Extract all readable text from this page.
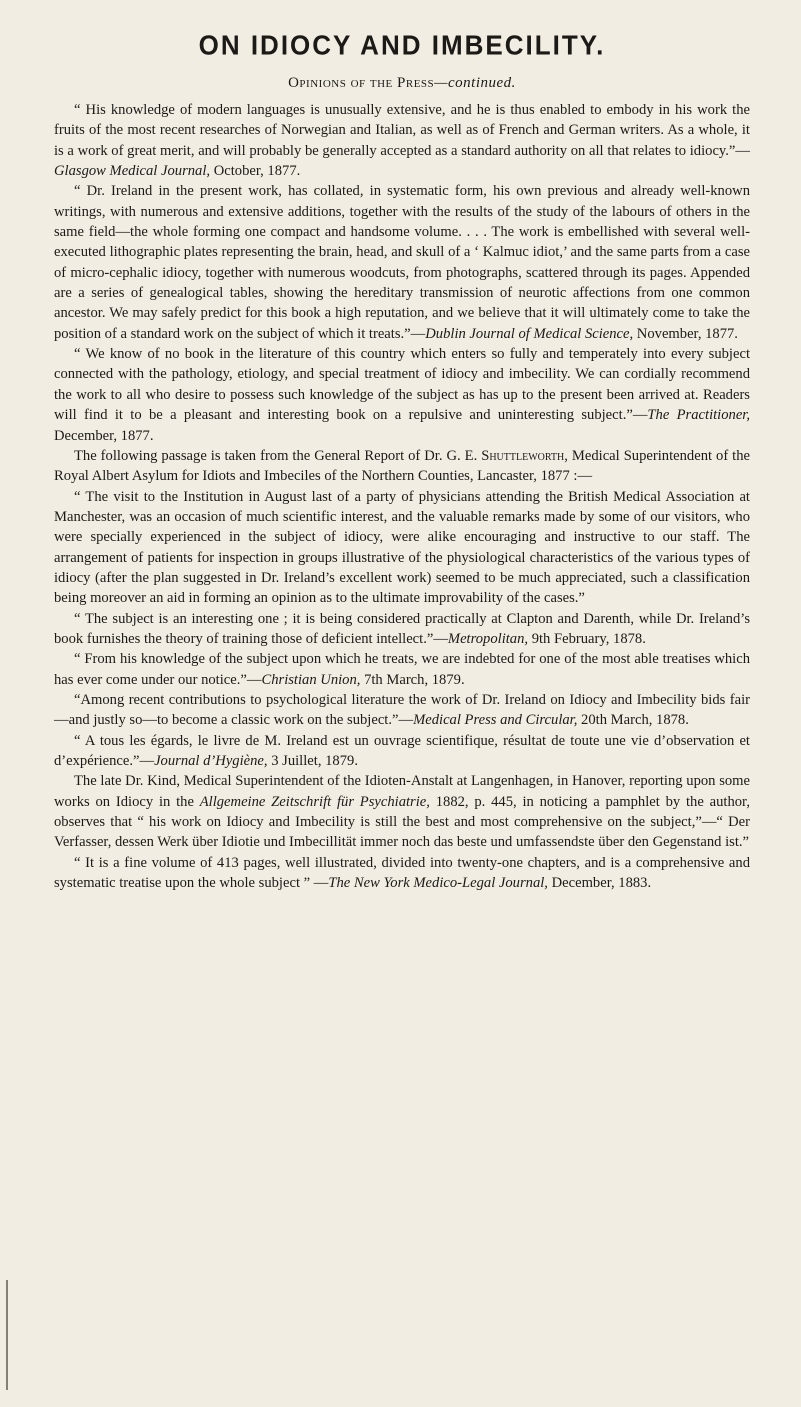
ON IDIOCY AND IMBECILITY.
Opinions of the Press—continued.

“ His knowledge of modern languages is unusually extensive, and he is thus enabled to embody in his work the fruits of the most recent researches of Norwegian and Italian, as well as of French and German writers. As a whole, it is a work of great merit, and will probably be generally accepted as a standard authority on all that relates to idiocy.”—Glasgow Medical Journal, October, 1877.

“ Dr. Ireland in the present work, has collated, in systematic form, his own previous and already well-known writings, with numerous and extensive additions, together with the results of the study of the labours of others in the same field—the whole forming one compact and handsome volume. . . . The work is embellished with several well-executed lithographic plates representing the brain, head, and skull of a ‘ Kalmuc idiot,’ and the same parts from a case of micro-cephalic idiocy, together with numerous woodcuts, from photographs, scattered through its pages. Appended are a series of genealogical tables, showing the hereditary transmission of neurotic affections from one common ancestor. We may safely predict for this book a high reputation, and we believe that it will ultimately come to take the position of a standard work on the subject of which it treats.”—Dublin Journal of Medical Science, November, 1877.

“ We know of no book in the literature of this country which enters so fully and temperately into every subject connected with the pathology, etiology, and special treatment of idiocy and imbecility. We can cordially recommend the work to all who desire to possess such knowledge of the subject as has up to the present been arrived at. Readers will find it to be a pleasant and interesting book on a repulsive and uninteresting subject.”—The Practitioner, December, 1877.

The following passage is taken from the General Report of Dr. G. E. Shuttleworth, Medical Superintendent of the Royal Albert Asylum for Idiots and Imbeciles of the Northern Counties, Lancaster, 1877 :—

“ The visit to the Institution in August last of a party of physicians attending the British Medical Association at Manchester, was an occasion of much scientific interest, and the valuable remarks made by some of our visitors, who were specially experienced in the subject of idiocy, were alike encouraging and instructive to our staff. The arrangement of patients for inspection in groups illustrative of the physiological characteristics of the various types of idiocy (after the plan suggested in Dr. Ireland’s excellent work) seemed to be much appreciated, such a classification being moreover an aid in forming an opinion as to the ultimate improvability of the cases.”

“ The subject is an interesting one ; it is being considered practically at Clapton and Darenth, while Dr. Ireland’s book furnishes the theory of training those of deficient intellect.”—Metropolitan, 9th February, 1878.

“ From his knowledge of the subject upon which he treats, we are indebted for one of the most able treatises which has ever come under our notice.”—Christian Union, 7th March, 1879.

“Among recent contributions to psychological literature the work of Dr. Ireland on Idiocy and Imbecility bids fair—and justly so—to become a classic work on the subject.”—Medical Press and Circular, 20th March, 1878.

“ A tous les égards, le livre de M. Ireland est un ouvrage scientifique, résultat de toute une vie d’observation et d’expérience.”—Journal d’Hygiène, 3 Juillet, 1879.

The late Dr. Kind, Medical Superintendent of the Idioten-Anstalt at Langenhagen, in Hanover, reporting upon some works on Idiocy in the Allgemeine Zeitschrift für Psychiatrie, 1882, p. 445, in noticing a pamphlet by the author, observes that “ his work on Idiocy and Imbecility is still the best and most comprehensive on the subject,”—“ Der Verfasser, dessen Werk über Idiotie und Imbecillität immer noch das beste und umfassendste über den Gegenstand ist.”

“ It is a fine volume of 413 pages, well illustrated, divided into twenty-one chapters, and is a comprehensive and systematic treatise upon the whole subject ” —The New York Medico-Legal Journal, December, 1883.
